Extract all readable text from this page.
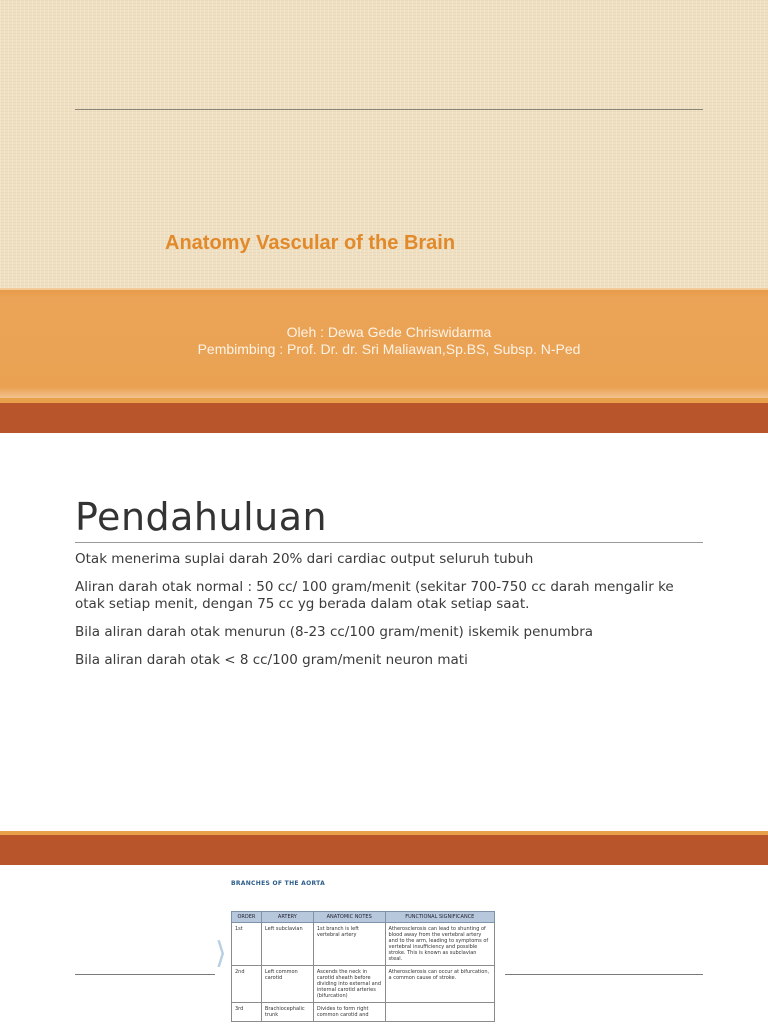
Anatomy Vascular of the Brain
Oleh : Dewa Gede Chriswidarma
Pembimbing : Prof. Dr. dr. Sri Maliawan,Sp.BS, Subsp. N-Ped
Pendahuluan

Otak menerima suplai darah 20% dari cardiac output seluruh tubuh

Aliran darah otak normal : 50 cc/ 100 gram/menit (sekitar 700-750 cc darah mengalir ke otak setiap menit, dengan 75 cc yg berada dalam otak setiap saat.

Bila aliran darah otak menurun (8-23 cc/100 gram/menit) iskemik penumbra

Bila aliran darah otak < 8 cc/100 gram/menit neuron mati

⟩
BRANCHES OF THE AORTA
ORDER	ARTERY	ANATOMIC NOTES	FUNCTIONAL SIGNIFICANCE
1st	Left subclavian	1st branch is left vertebral artery	Atherosclerosis can lead to shunting of blood away from the vertebral artery and to the arm, leading to symptoms of vertebral insufficiency and possible stroke. This is known as subclavian steal.
2nd	Left common carotid	Ascends the neck in carotid sheath before dividing into external and internal carotid arteries (bifurcation)	Atherosclerosis can occur at bifurcation, a common cause of stroke.
3rd	Brachiocephalic trunk	Divides to form right common carotid and	
